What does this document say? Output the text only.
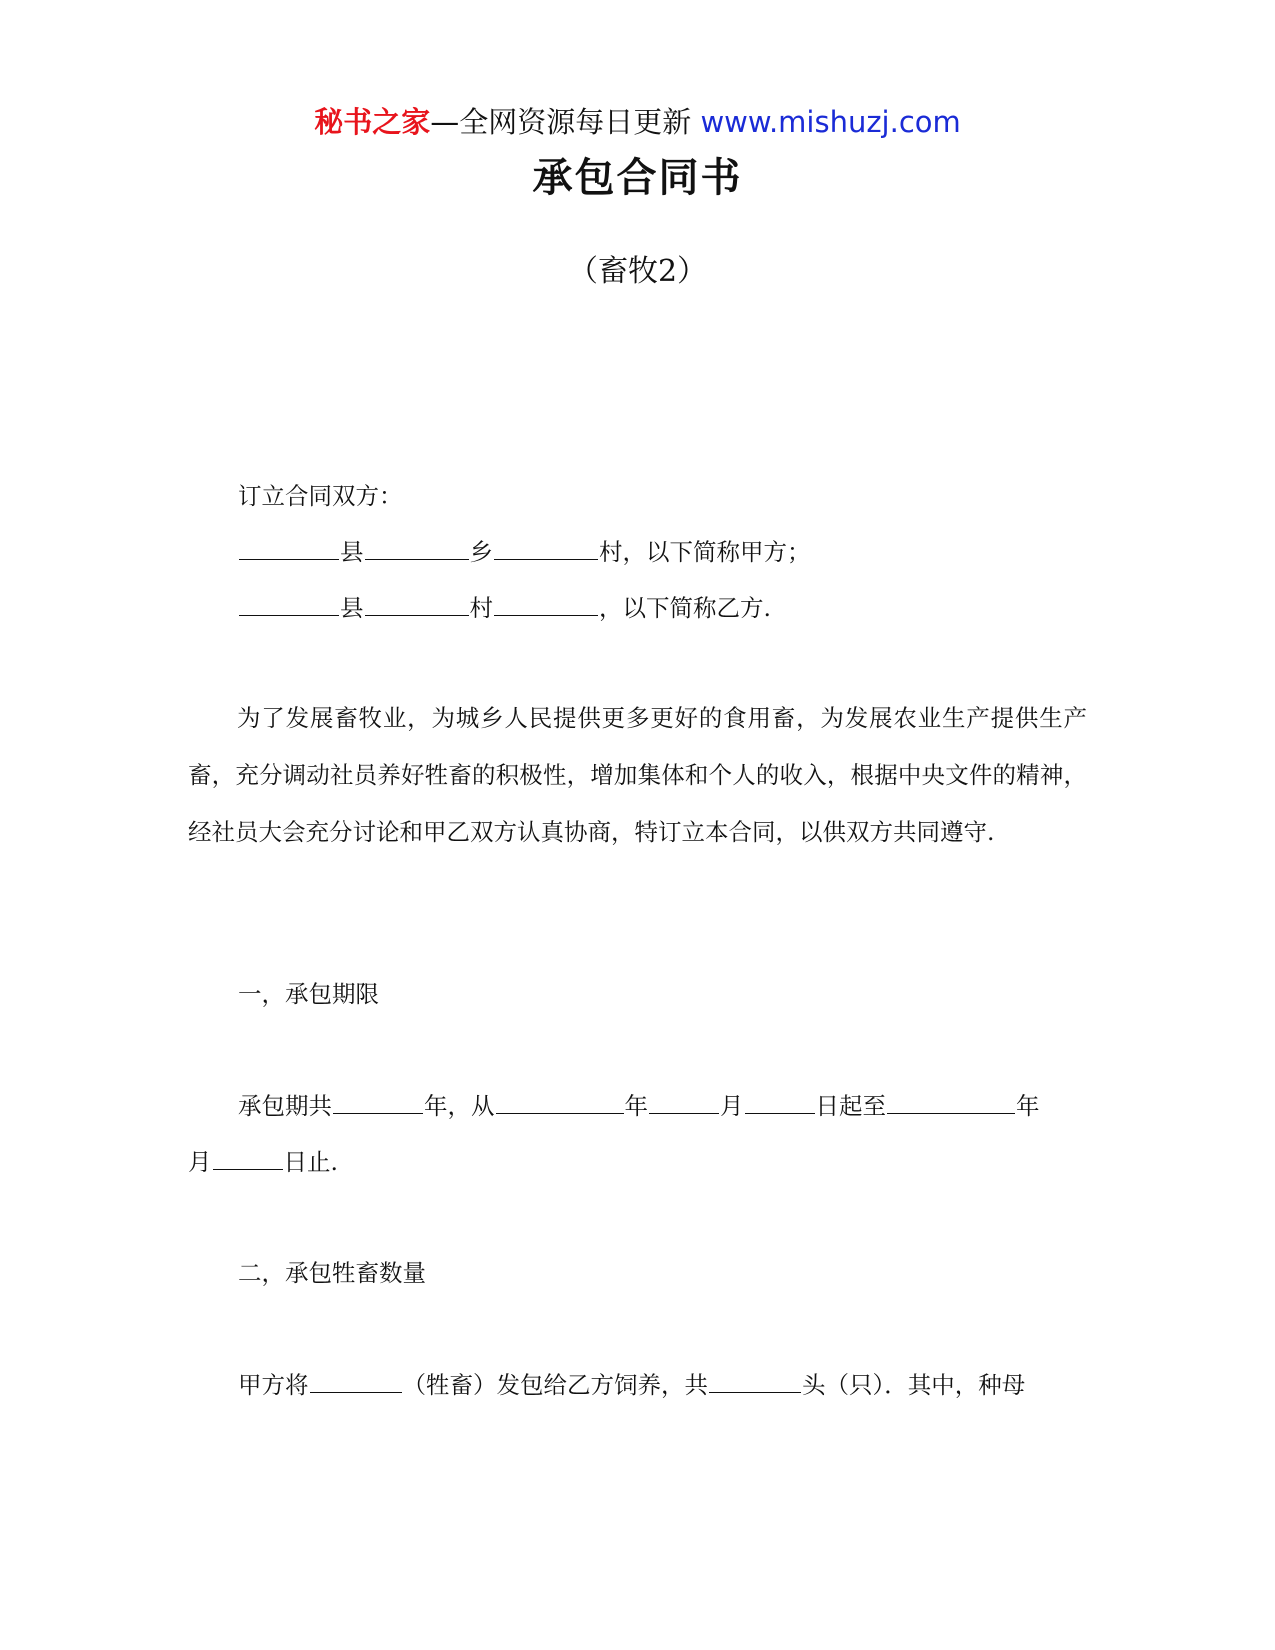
秘书之家—全网资源每日更新 www.mishuzj.com
承包合同书
（畜牧2）
订立合同双方：
县	乡	村，以下简称甲方；
县	村	，以下简称乙方.
为了发展畜牧业，为城乡人民提供更多更好的食用畜，为发展农业生产提供生产畜，充分调动社员养好牲畜的积极性，增加集体和个人的收入，根据中央文件的精神，经社员大会充分讨论和甲乙双方认真协商，特订立本合同，以供双方共同遵守.
一，承包期限
承包期共	年，从	年	月	日起至	年
月	日止.
二，承包牲畜数量
甲方将	（牲畜）发包给乙方饲养，共	头（只）．其中，种母
